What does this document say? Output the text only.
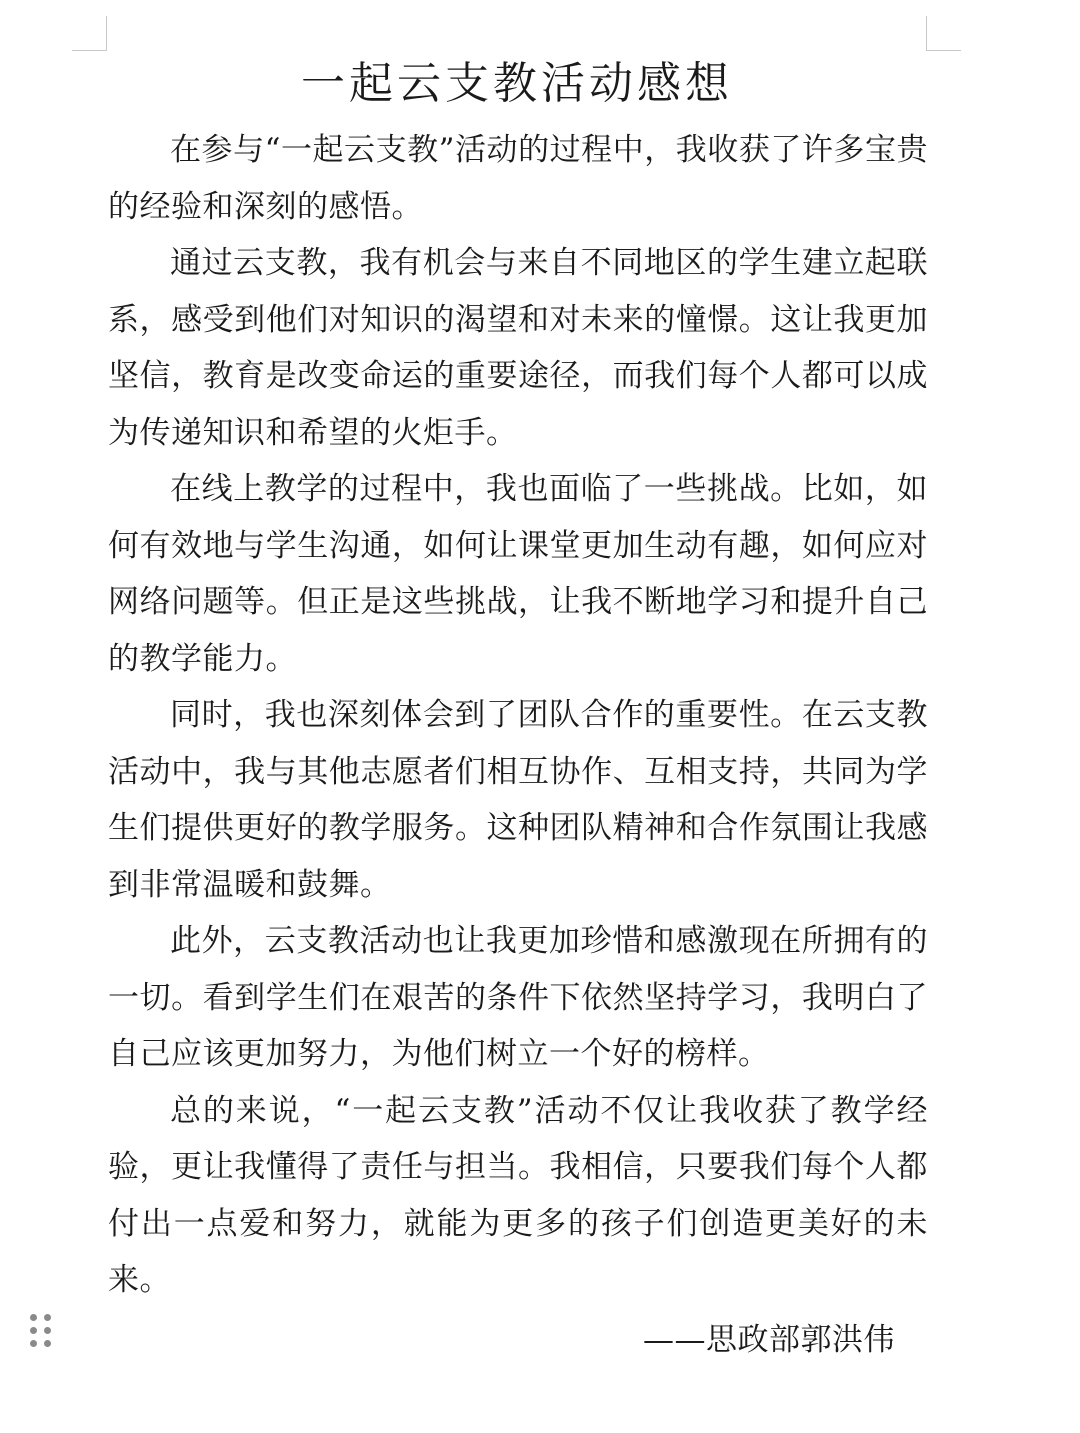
一起云支教活动感想

在参与“一起云支教”活动的过程中，我收获了许多宝贵的经验和深刻的感悟。

通过云支教，我有机会与来自不同地区的学生建立起联系，感受到他们对知识的渴望和对未来的憧憬。这让我更加坚信，教育是改变命运的重要途径，而我们每个人都可以成为传递知识和希望的火炬手。

在线上教学的过程中，我也面临了一些挑战。比如，如何有效地与学生沟通，如何让课堂更加生动有趣，如何应对网络问题等。但正是这些挑战，让我不断地学习和提升自己的教学能力。

同时，我也深刻体会到了团队合作的重要性。在云支教活动中，我与其他志愿者们相互协作、互相支持，共同为学生们提供更好的教学服务。这种团队精神和合作氛围让我感到非常温暖和鼓舞。

此外，云支教活动也让我更加珍惜和感激现在所拥有的一切。看到学生们在艰苦的条件下依然坚持学习，我明白了自己应该更加努力，为他们树立一个好的榜样。

总的来说，“一起云支教”活动不仅让我收获了教学经验，更让我懂得了责任与担当。我相信，只要我们每个人都付出一点爱和努力，就能为更多的孩子们创造更美好的未来。

——思政部郭洪伟
